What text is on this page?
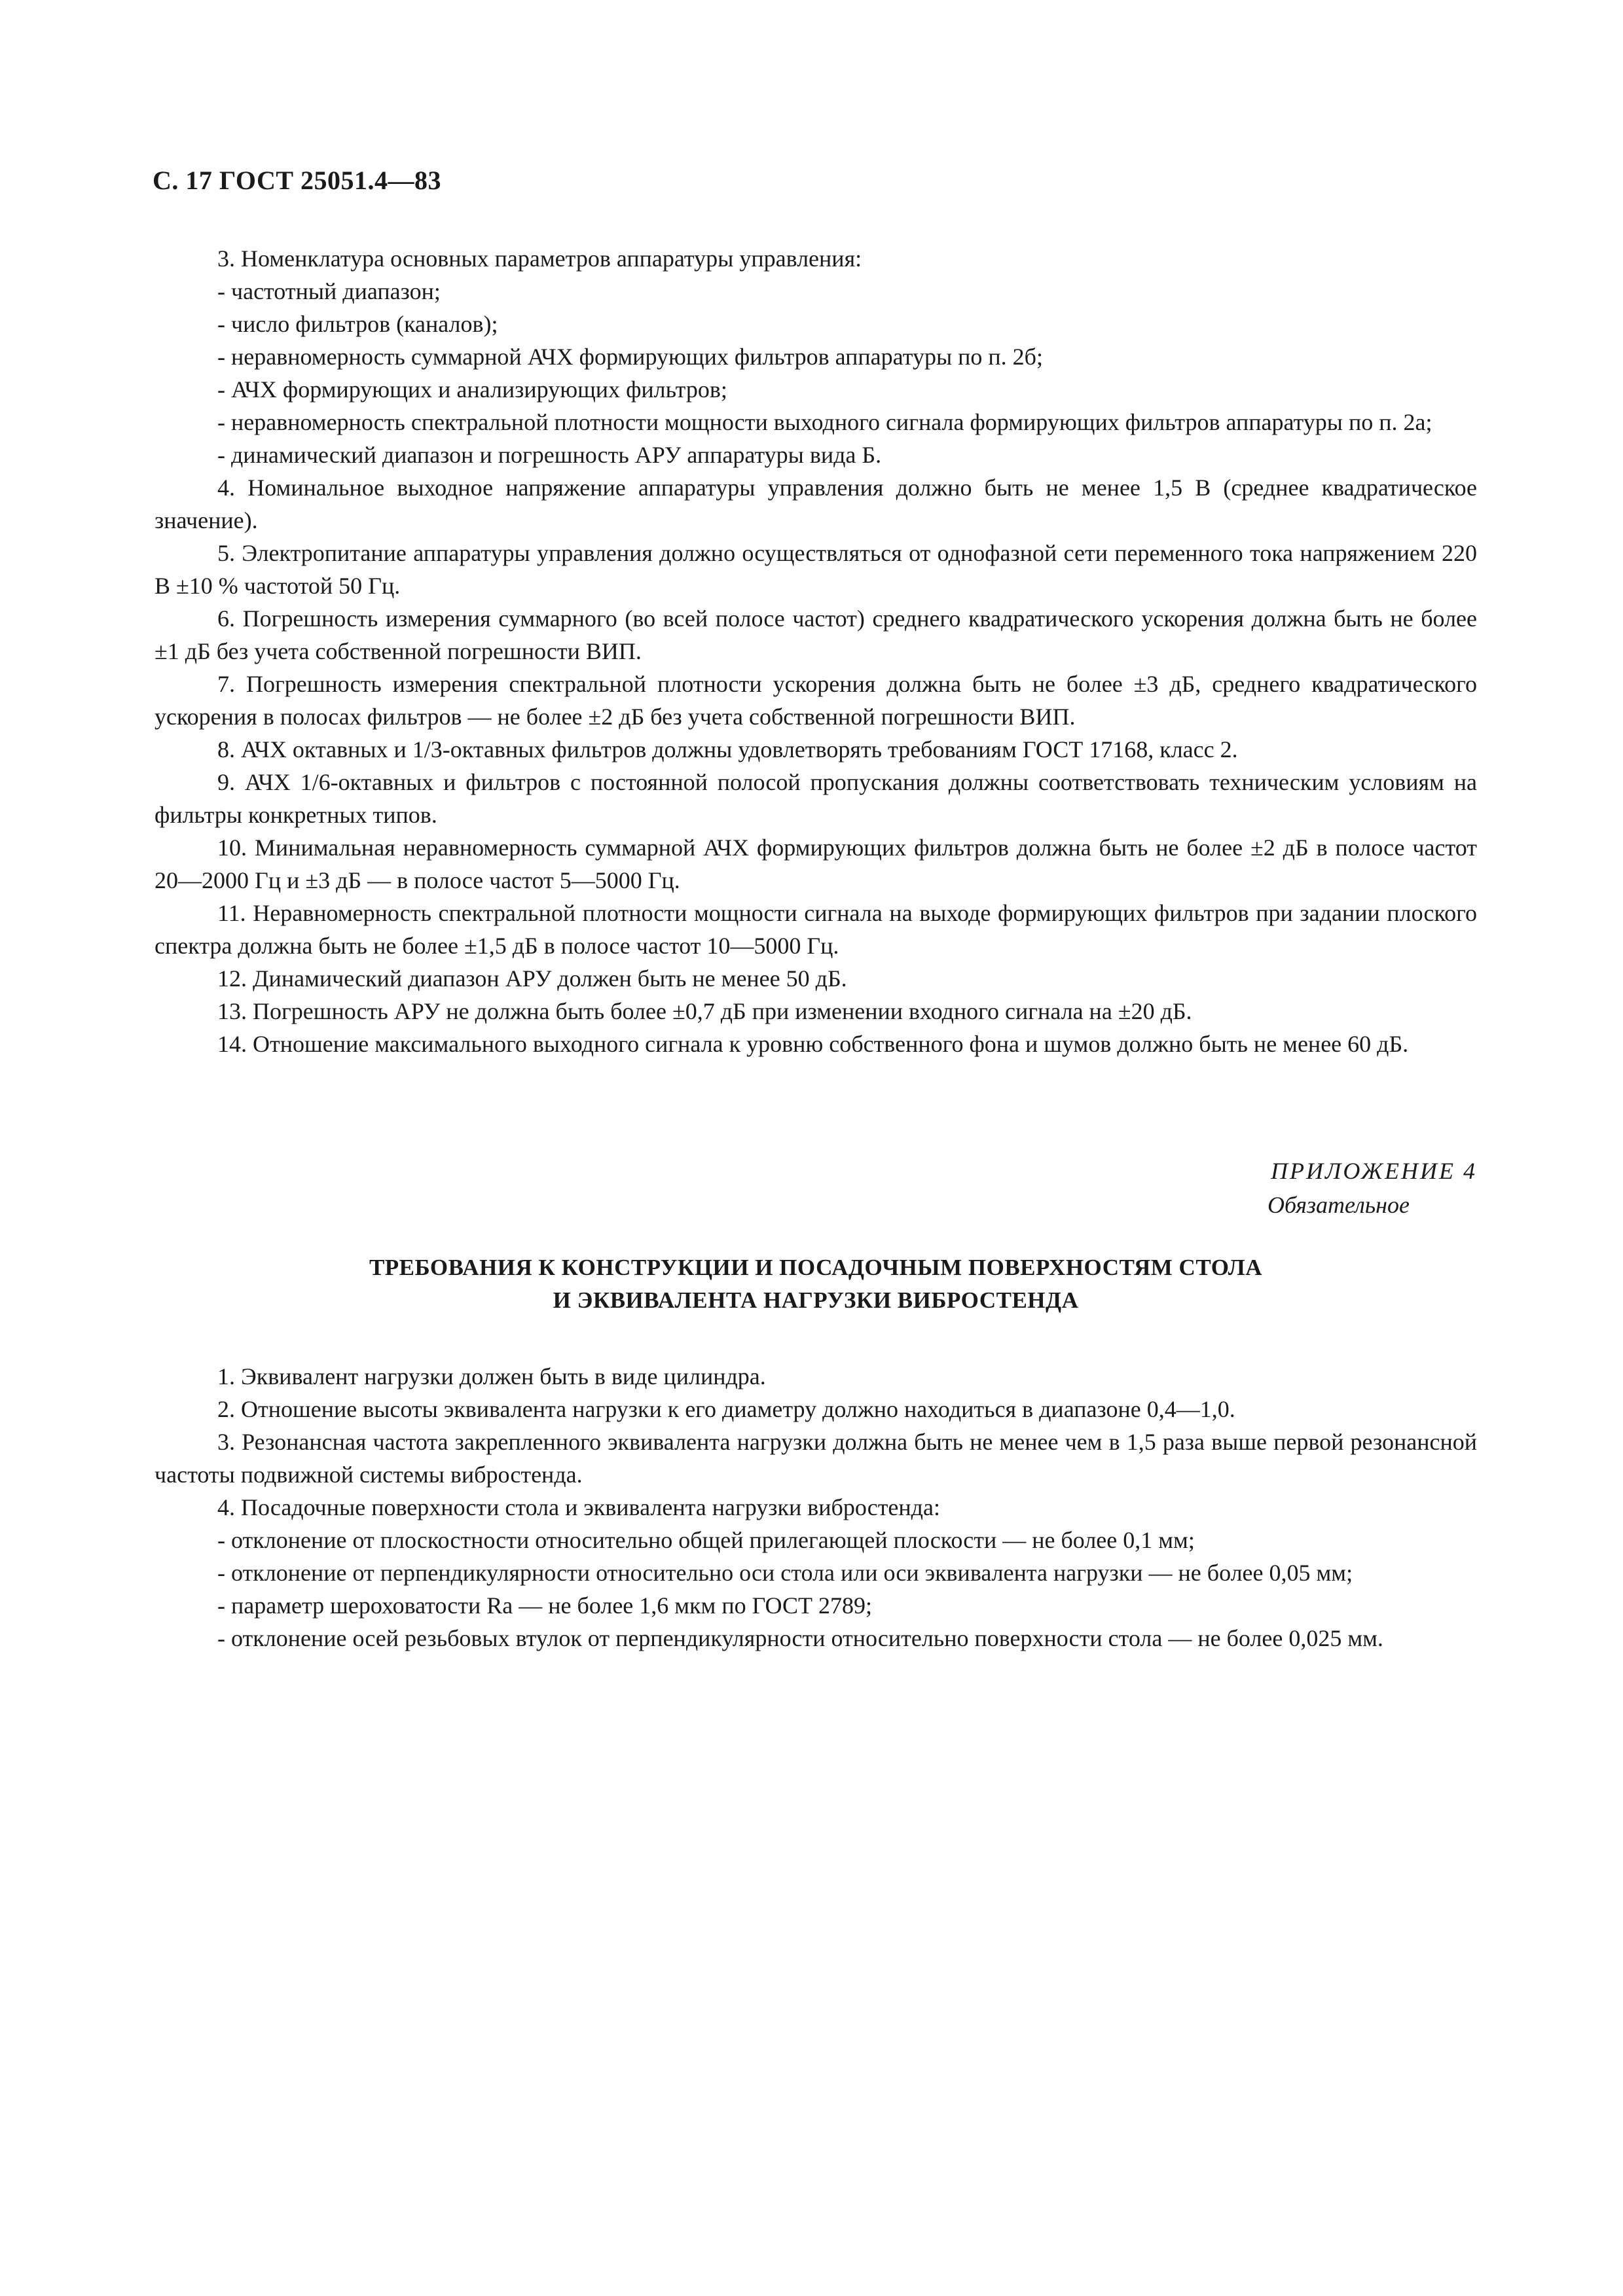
С. 17 ГОСТ 25051.4—83

3. Номенклатура основных параметров аппаратуры управления:

- частотный диапазон;

- число фильтров (каналов);

- неравномерность суммарной АЧХ формирующих фильтров аппаратуры по п. 2б;

- АЧХ формирующих и анализирующих фильтров;

- неравномерность спектральной плотности мощности выходного сигнала формирующих фильтров аппаратуры по п. 2а;

- динамический диапазон и погрешность АРУ аппаратуры вида Б.

4. Номинальное выходное напряжение аппаратуры управления должно быть не менее 1,5 В (среднее квадратическое значение).

5. Электропитание аппаратуры управления должно осуществляться от однофазной сети переменного тока напряжением 220 В ±10 % частотой 50 Гц.

6. Погрешность измерения суммарного (во всей полосе частот) среднего квадратического ускорения должна быть не более ±1 дБ без учета собственной погрешности ВИП.

7. Погрешность измерения спектральной плотности ускорения должна быть не более ±3 дБ, среднего квадратического ускорения в полосах фильтров — не более ±2 дБ без учета собственной погрешности ВИП.

8. АЧХ октавных и 1/3-октавных фильтров должны удовлетворять требованиям ГОСТ 17168, класс 2.

9. АЧХ 1/6-октавных и фильтров с постоянной полосой пропускания должны соответствовать техническим условиям на фильтры конкретных типов.

10. Минимальная неравномерность суммарной АЧХ формирующих фильтров должна быть не более ±2 дБ в полосе частот 20—2000 Гц и ±3 дБ — в полосе частот 5—5000 Гц.

11. Неравномерность спектральной плотности мощности сигнала на выходе формирующих фильтров при задании плоского спектра должна быть не более ±1,5 дБ в полосе частот 10—5000 Гц.

12. Динамический диапазон АРУ должен быть не менее 50 дБ.

13. Погрешность АРУ не должна быть более ±0,7 дБ при изменении входного сигнала на ±20 дБ.

14. Отношение максимального выходного сигнала к уровню собственного фона и шумов должно быть не менее 60 дБ.

ПРИЛОЖЕНИЕ 4
Обязательное
ТРЕБОВАНИЯ К КОНСТРУКЦИИ И ПОСАДОЧНЫМ ПОВЕРХНОСТЯМ СТОЛА
И ЭКВИВАЛЕНТА НАГРУЗКИ ВИБРОСТЕНДА

1. Эквивалент нагрузки должен быть в виде цилиндра.

2. Отношение высоты эквивалента нагрузки к его диаметру должно находиться в диапазоне 0,4—1,0.

3. Резонансная частота закрепленного эквивалента нагрузки должна быть не менее чем в 1,5 раза выше первой резонансной частоты подвижной системы вибростенда.

4. Посадочные поверхности стола и эквивалента нагрузки вибростенда:

- отклонение от плоскостности относительно общей прилегающей плоскости — не более 0,1 мм;

- отклонение от перпендикулярности относительно оси стола или оси эквивалента нагрузки — не более 0,05 мм;

- параметр шероховатости Ra — не более 1,6 мкм по ГОСТ 2789;

- отклонение осей резьбовых втулок от перпендикулярности относительно поверхности стола — не более 0,025 мм.
